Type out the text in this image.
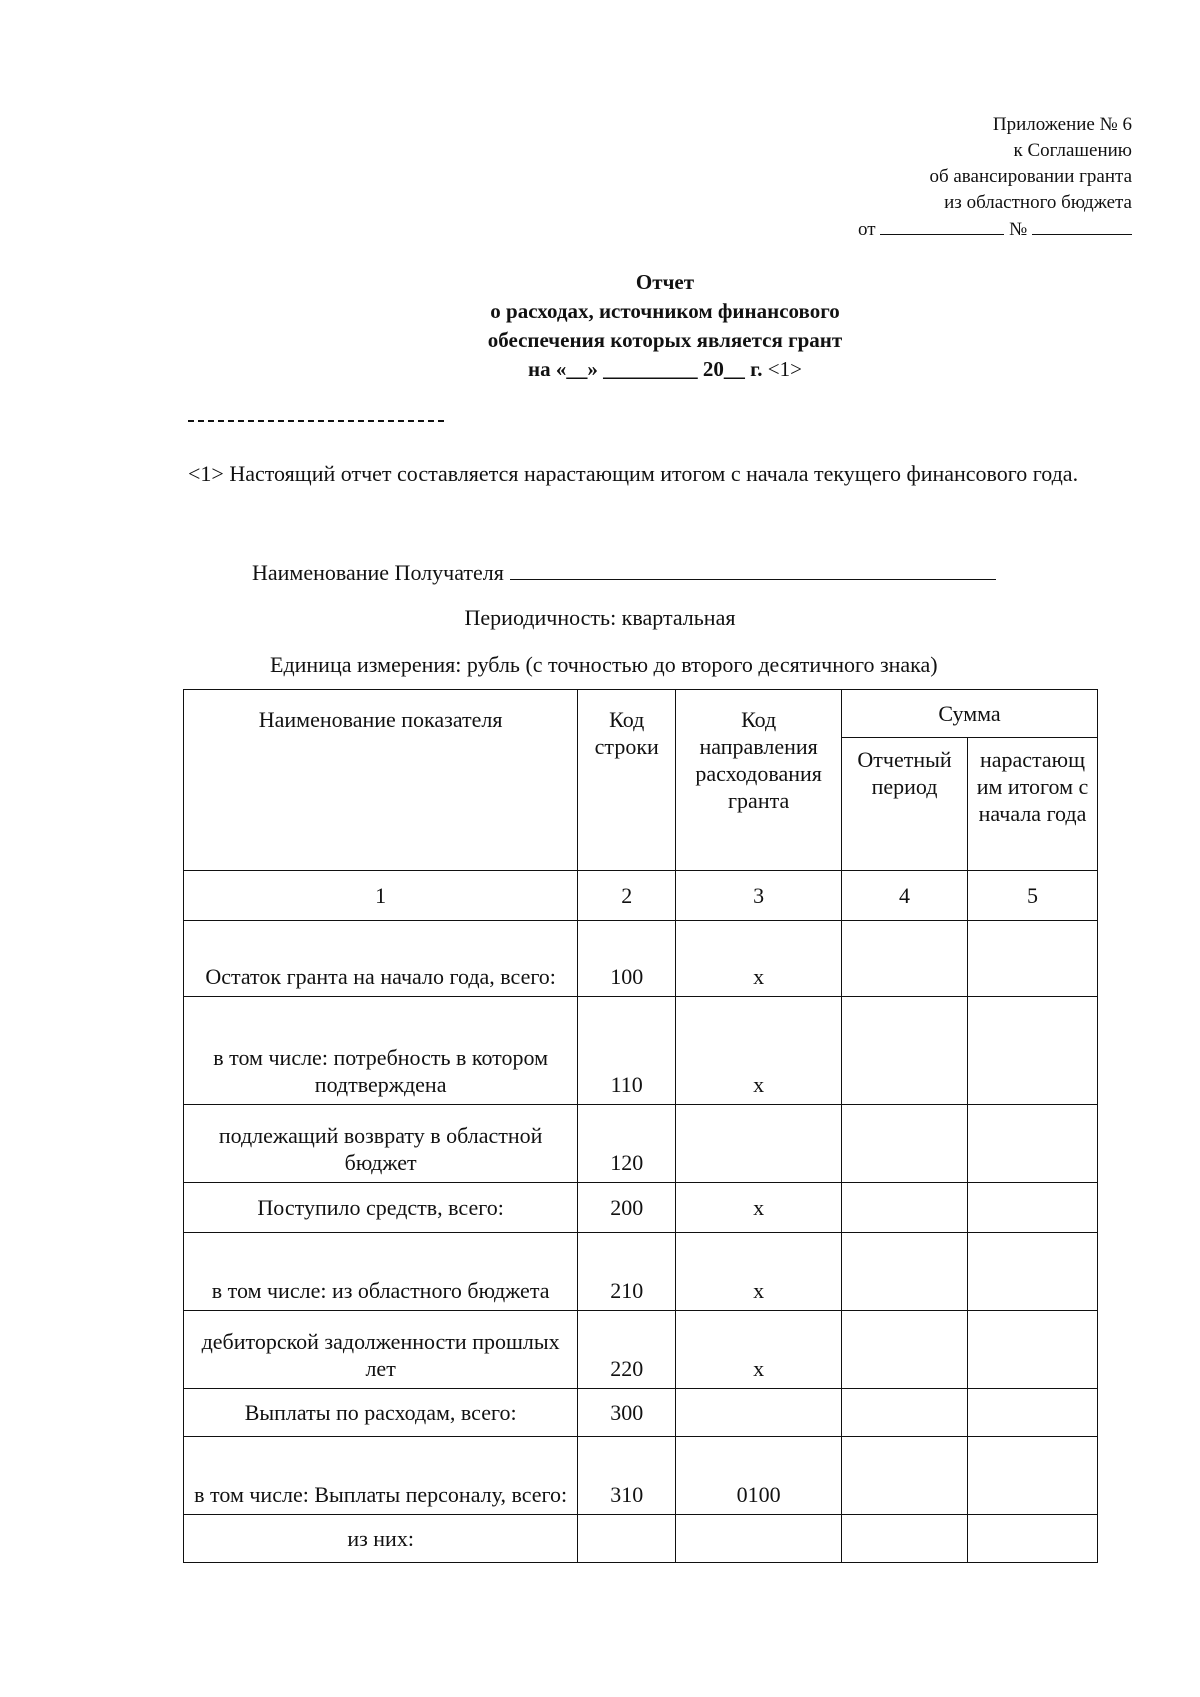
Приложение № 6
к Соглашению
об авансировании гранта
из областного бюджета
от	№
Отчет
о расходах, источником финансового
обеспечения которых является грант
на «__» _________ 20__ г. <1>
<1> Настоящий отчет составляется нарастающим итогом с начала текущего финансового года.
Наименование Получателя
Периодичность: квартальная
Единица измерения: рубль (с точностью до второго десятичного знака)
Наименование показателя	Код строки	Код направления расходования гранта	Сумма	
			Отчетный период	нарастающ им итогом с начала года
1	2	3	4	5
Остаток гранта на начало года, всего:	100	x		
в том числе: потребность в котором подтверждена	110	x		
подлежащий возврату в областной бюджет	120			
Поступило средств, всего:	200	x		
в том числе: из областного бюджета	210	x		
дебиторской задолженности прошлых лет	220	x		
Выплаты по расходам, всего:	300			
в том числе: Выплаты персоналу, всего:	310	0100		
из них:				
